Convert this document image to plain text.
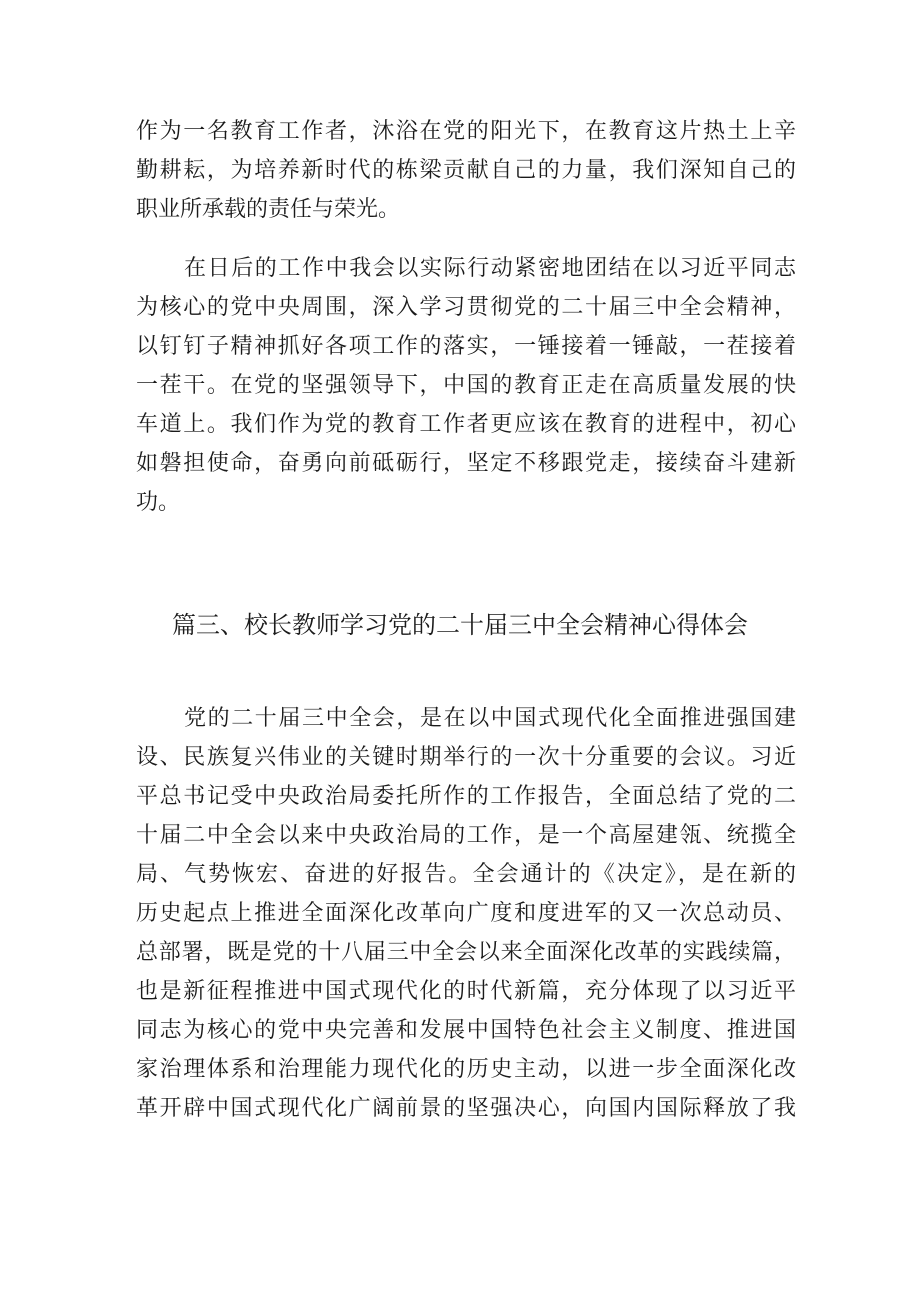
作为一名教育工作者，沐浴在党的阳光下，在教育这片热土上辛
勤耕耘，为培养新时代的栋梁贡献自己的力量，我们深知自己的
职业所承载的责任与荣光。
在日后的工作中我会以实际行动紧密地团结在以习近平同志
为核心的党中央周围，深入学习贯彻党的二十届三中全会精神，
以钉钉子精神抓好各项工作的落实，一锤接着一锤敲，一茬接着
一茬干。在党的坚强领导下，中国的教育正走在高质量发展的快
车道上。我们作为党的教育工作者更应该在教育的进程中，初心
如磐担使命，奋勇向前砥砺行，坚定不移跟党走，接续奋斗建新
功。
篇三、校长教师学习党的二十届三中全会精神心得体会
党的二十届三中全会，是在以中国式现代化全面推进强国建
设、民族复兴伟业的关键时期举行的一次十分重要的会议。习近
平总书记受中央政治局委托所作的工作报告，全面总结了党的二
十届二中全会以来中央政治局的工作，是一个高屋建瓴、统揽全
局、气势恢宏、奋进的好报告。全会通计的《决定》，是在新的
历史起点上推进全面深化改革向广度和度进军的又一次总动员、
总部署，既是党的十八届三中全会以来全面深化改革的实践续篇，
也是新征程推进中国式现代化的时代新篇，充分体现了以习近平
同志为核心的党中央完善和发展中国特色社会主义制度、推进国
家治理体系和治理能力现代化的历史主动，以进一步全面深化改
革开辟中国式现代化广阔前景的坚强决心，向国内国际释放了我
